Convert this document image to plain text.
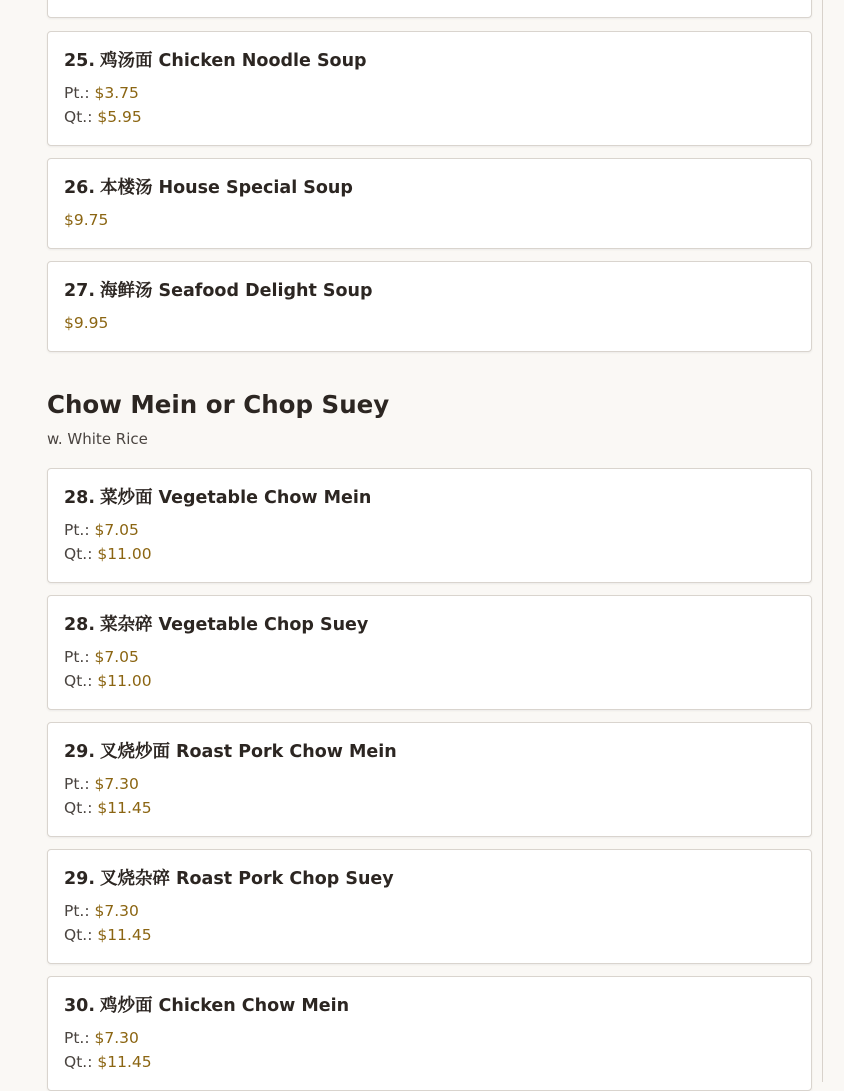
25. 鸡汤面 Chicken Noodle Soup
Pt.: $3.75
Qt.: $5.95
26. 本楼汤 House Special Soup
$9.75
27. 海鲜汤 Seafood Delight Soup
$9.95
Chow Mein or Chop Suey
w. White Rice
28. 菜炒面 Vegetable Chow Mein
Pt.: $7.05
Qt.: $11.00
28. 菜杂碎 Vegetable Chop Suey
Pt.: $7.05
Qt.: $11.00
29. 叉烧炒面 Roast Pork Chow Mein
Pt.: $7.30
Qt.: $11.45
29. 叉烧杂碎 Roast Pork Chop Suey
Pt.: $7.30
Qt.: $11.45
30. 鸡炒面 Chicken Chow Mein
Pt.: $7.30
Qt.: $11.45
